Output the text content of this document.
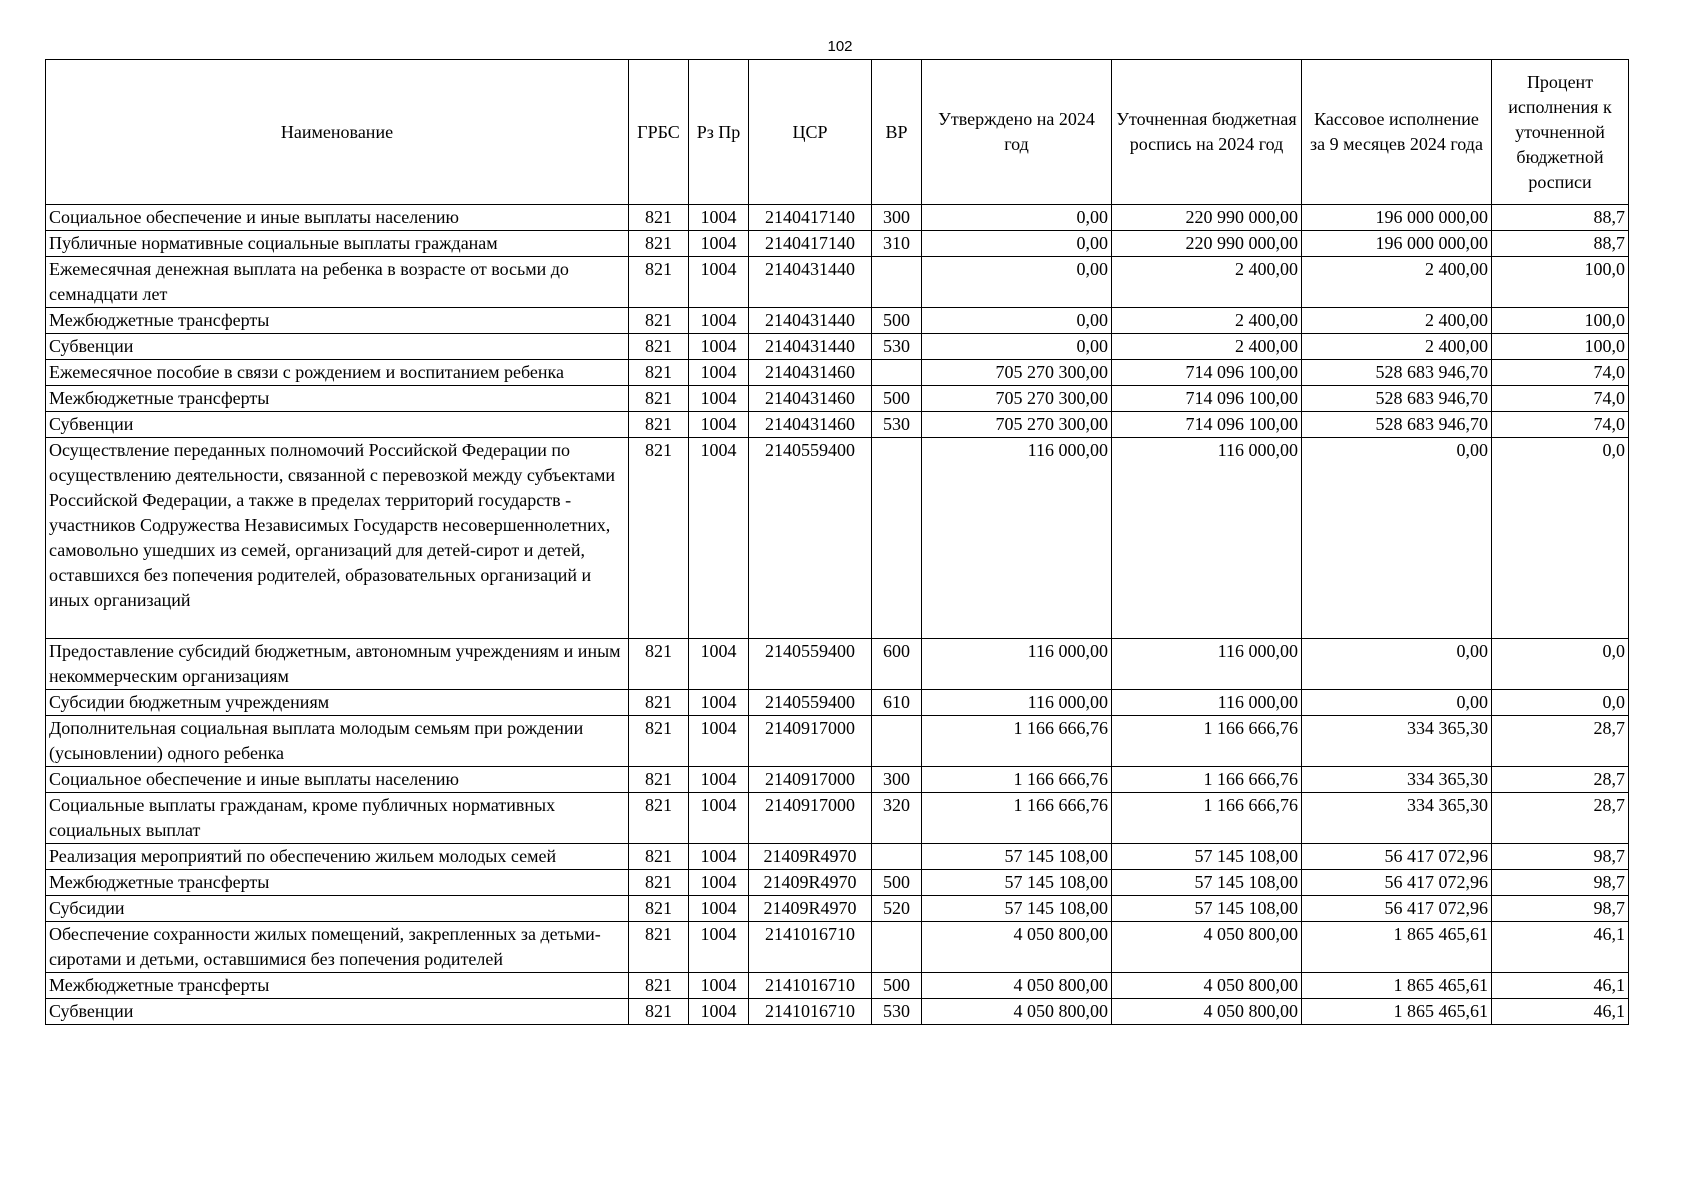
102
Наименование	ГРБС	Рз Пр	ЦСР	ВР	Утверждено на 2024 год	Уточненная бюджетная роспись на 2024 год	Кассовое исполнение за 9 месяцев 2024 года	Процент исполнения к уточненной бюджетной росписи
Социальное обеспечение и иные выплаты населению	821	1004	2140417140	300	0,00	220 990 000,00	196 000 000,00	88,7
Публичные нормативные социальные выплаты гражданам	821	1004	2140417140	310	0,00	220 990 000,00	196 000 000,00	88,7
Ежемесячная денежная выплата на ребенка в возрасте от восьми до семнадцати лет	821	1004	2140431440		0,00	2 400,00	2 400,00	100,0
Межбюджетные трансферты	821	1004	2140431440	500	0,00	2 400,00	2 400,00	100,0
Субвенции	821	1004	2140431440	530	0,00	2 400,00	2 400,00	100,0
Ежемесячное пособие в связи с рождением и воспитанием ребенка	821	1004	2140431460		705 270 300,00	714 096 100,00	528 683 946,70	74,0
Межбюджетные трансферты	821	1004	2140431460	500	705 270 300,00	714 096 100,00	528 683 946,70	74,0
Субвенции	821	1004	2140431460	530	705 270 300,00	714 096 100,00	528 683 946,70	74,0
Осуществление переданных полномочий Российской Федерации по осуществлению деятельности, связанной с перевозкой между субъектами Российской Федерации, а также в пределах территорий государств - участников Содружества Независимых Государств несовершеннолетних, самовольно ушедших из семей, организаций для детей-сирот и детей, оставшихся без попечения родителей, образовательных организаций и иных организаций	821	1004	2140559400		116 000,00	116 000,00	0,00	0,0
Предоставление субсидий бюджетным, автономным учреждениям и иным некоммерческим организациям	821	1004	2140559400	600	116 000,00	116 000,00	0,00	0,0
Субсидии бюджетным учреждениям	821	1004	2140559400	610	116 000,00	116 000,00	0,00	0,0
Дополнительная социальная выплата молодым семьям при рождении (усыновлении) одного ребенка	821	1004	2140917000		1 166 666,76	1 166 666,76	334 365,30	28,7
Социальное обеспечение и иные выплаты населению	821	1004	2140917000	300	1 166 666,76	1 166 666,76	334 365,30	28,7
Социальные выплаты гражданам, кроме публичных нормативных социальных выплат	821	1004	2140917000	320	1 166 666,76	1 166 666,76	334 365,30	28,7
Реализация мероприятий по обеспечению жильем молодых семей	821	1004	21409R4970		57 145 108,00	57 145 108,00	56 417 072,96	98,7
Межбюджетные трансферты	821	1004	21409R4970	500	57 145 108,00	57 145 108,00	56 417 072,96	98,7
Субсидии	821	1004	21409R4970	520	57 145 108,00	57 145 108,00	56 417 072,96	98,7
Обеспечение сохранности жилых помещений, закрепленных за детьми-сиротами и детьми, оставшимися без попечения родителей	821	1004	2141016710		4 050 800,00	4 050 800,00	1 865 465,61	46,1
Межбюджетные трансферты	821	1004	2141016710	500	4 050 800,00	4 050 800,00	1 865 465,61	46,1
Субвенции	821	1004	2141016710	530	4 050 800,00	4 050 800,00	1 865 465,61	46,1
